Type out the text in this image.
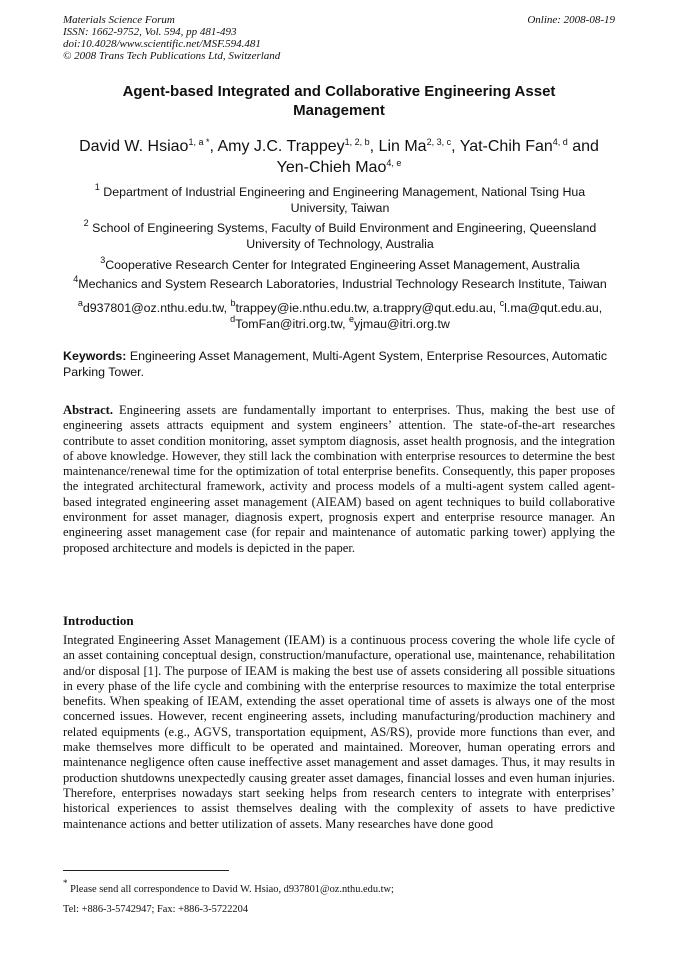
Materials Science Forum
ISSN: 1662-9752, Vol. 594, pp 481-493
doi:10.4028/www.scientific.net/MSF.594.481
© 2008 Trans Tech Publications Ltd, Switzerland
Online: 2008-08-19
Agent-based Integrated and Collaborative Engineering Asset Management
David W. Hsiao$^{1, a *}$, Amy J.C. Trappey$^{1, 2, b}$, Lin Ma$^{2, 3, c}$, Yat-Chih Fan$^{4, d}$ and
Yen-Chieh Mao$^{4, e}$
$^1$ Department of Industrial Engineering and Engineering Management, National Tsing Hua University, Taiwan
$^2$ School of Engineering Systems, Faculty of Build Environment and Engineering, Queensland University of Technology, Australia
$^3$Cooperative Research Center for Integrated Engineering Asset Management, Australia
$^4$Mechanics and System Research Laboratories, Industrial Technology Research Institute, Taiwan
$^a$d937801@oz.nthu.edu.tw, $^b$trappey@ie.nthu.edu.tw, a.trappry@qut.edu.au, $^c$l.ma@qut.edu.au,
$^d$TomFan@itri.org.tw, $^e$yjmau@itri.org.tw
Keywords: Engineering Asset Management, Multi-Agent System, Enterprise Resources, Automatic Parking Tower.

Abstract. Engineering assets are fundamentally important to enterprises. Thus, making the best use of engineering assets attracts equipment and system engineers’ attention. The state-of-the-art researches contribute to asset condition monitoring, asset symptom diagnosis, asset health prognosis, and the integration of above knowledge. However, they still lack the combination with enterprise resources to determine the best maintenance/renewal time for the optimization of total enterprise benefits. Consequently, this paper proposes the integrated architectural framework, activity and process models of a multi-agent system called agent-based integrated engineering asset management (AIEAM) based on agent techniques to build collaborative environment for asset manager, diagnosis expert, prognosis expert and enterprise resource manager. An engineering asset management case (for repair and maintenance of automatic parking tower) applying the proposed architecture and models is depicted in the paper.

Introduction

Integrated Engineering Asset Management (IEAM) is a continuous process covering the whole life cycle of an asset containing conceptual design, construction/manufacture, operational use, maintenance, rehabilitation and/or disposal [1]. The purpose of IEAM is making the best use of assets considering all possible situations in every phase of the life cycle and combining with the enterprise resources to maximize the total enterprise benefits. When speaking of IEAM, extending the asset operational time of assets is always one of the most concerned issues. However, recent engineering assets, including manufacturing/production machinery and related equipments (e.g., AGVS, transportation equipment, AS/RS), provide more functions than ever, and make themselves more difficult to be operated and maintained. Moreover, human operating errors and maintenance negligence often cause ineffective asset management and asset damages. Thus, it may results in production shutdowns unexpectedly causing greater asset damages, financial losses and even human injuries. Therefore, enterprises nowadays start seeking helps from research centers to integrate with enterprises’ historical experiences to assist themselves dealing with the complexity of assets to have predictive maintenance actions and better utilization of assets. Many researches have done good

* Please send all correspondence to David W. Hsiao, d937801@oz.nthu.edu.tw;
Tel: +886-3-5742947; Fax: +886-3-5722204
